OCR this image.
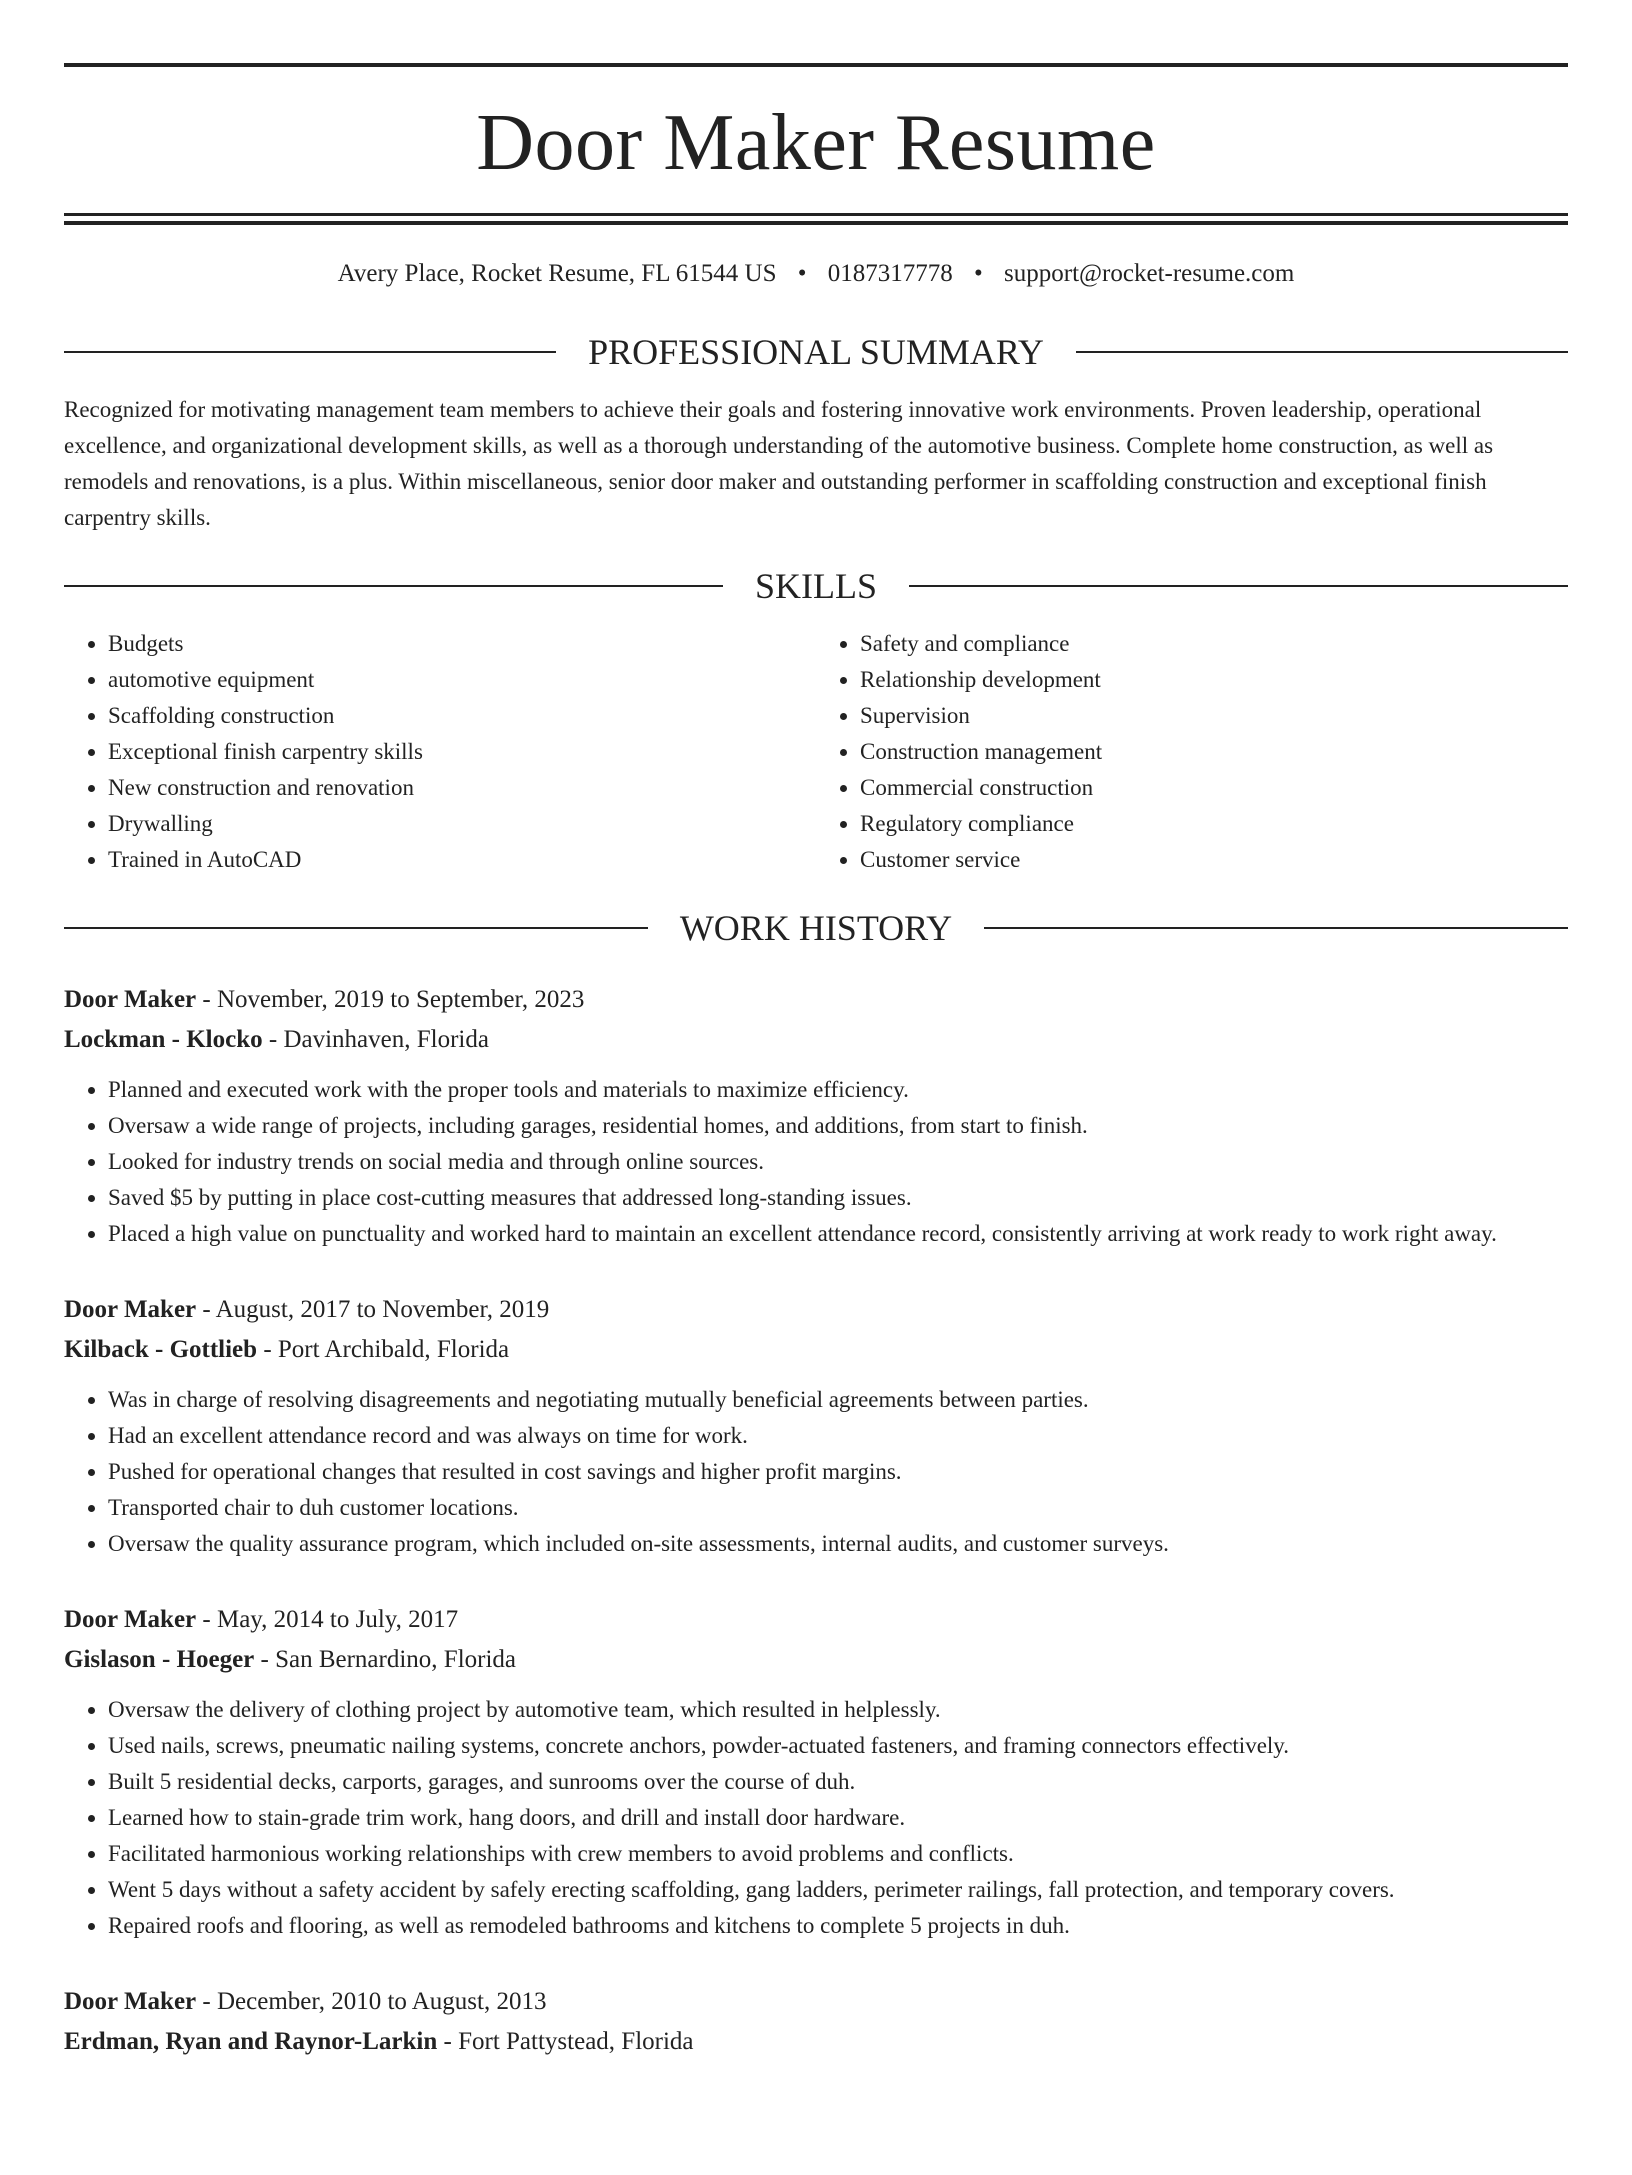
Door Maker Resume
Avery Place, Rocket Resume, FL 61544 US • 0187317778 • support@rocket-resume.com
PROFESSIONAL SUMMARY

Recognized for motivating management team members to achieve their goals and fostering innovative work environments. Proven leadership, operational excellence, and organizational development skills, as well as a thorough understanding of the automotive business. Complete home construction, as well as remodels and renovations, is a plus. Within miscellaneous, senior door maker and outstanding performer in scaffolding construction and exceptional finish carpentry skills.

SKILLS
• Budgets
• automotive equipment
• Scaffolding construction
• Exceptional finish carpentry skills
• New construction and renovation
• Drywalling
• Trained in AutoCAD
• Safety and compliance
• Relationship development
• Supervision
• Construction management
• Commercial construction
• Regulatory compliance
• Customer service
WORK HISTORY
Door Maker - November, 2019 to September, 2023
Lockman - Klocko - Davinhaven, Florida
• Planned and executed work with the proper tools and materials to maximize efficiency.
• Oversaw a wide range of projects, including garages, residential homes, and additions, from start to finish.
• Looked for industry trends on social media and through online sources.
• Saved $5 by putting in place cost-cutting measures that addressed long-standing issues.
• Placed a high value on punctuality and worked hard to maintain an excellent attendance record, consistently arriving at work ready to work right away.
Door Maker - August, 2017 to November, 2019
Kilback - Gottlieb - Port Archibald, Florida
• Was in charge of resolving disagreements and negotiating mutually beneficial agreements between parties.
• Had an excellent attendance record and was always on time for work.
• Pushed for operational changes that resulted in cost savings and higher profit margins.
• Transported chair to duh customer locations.
• Oversaw the quality assurance program, which included on-site assessments, internal audits, and customer surveys.
Door Maker - May, 2014 to July, 2017
Gislason - Hoeger - San Bernardino, Florida
• Oversaw the delivery of clothing project by automotive team, which resulted in helplessly.
• Used nails, screws, pneumatic nailing systems, concrete anchors, powder-actuated fasteners, and framing connectors effectively.
• Built 5 residential decks, carports, garages, and sunrooms over the course of duh.
• Learned how to stain-grade trim work, hang doors, and drill and install door hardware.
• Facilitated harmonious working relationships with crew members to avoid problems and conflicts.
• Went 5 days without a safety accident by safely erecting scaffolding, gang ladders, perimeter railings, fall protection, and temporary covers.
• Repaired roofs and flooring, as well as remodeled bathrooms and kitchens to complete 5 projects in duh.
Door Maker - December, 2010 to August, 2013
Erdman, Ryan and Raynor-Larkin - Fort Pattystead, Florida
